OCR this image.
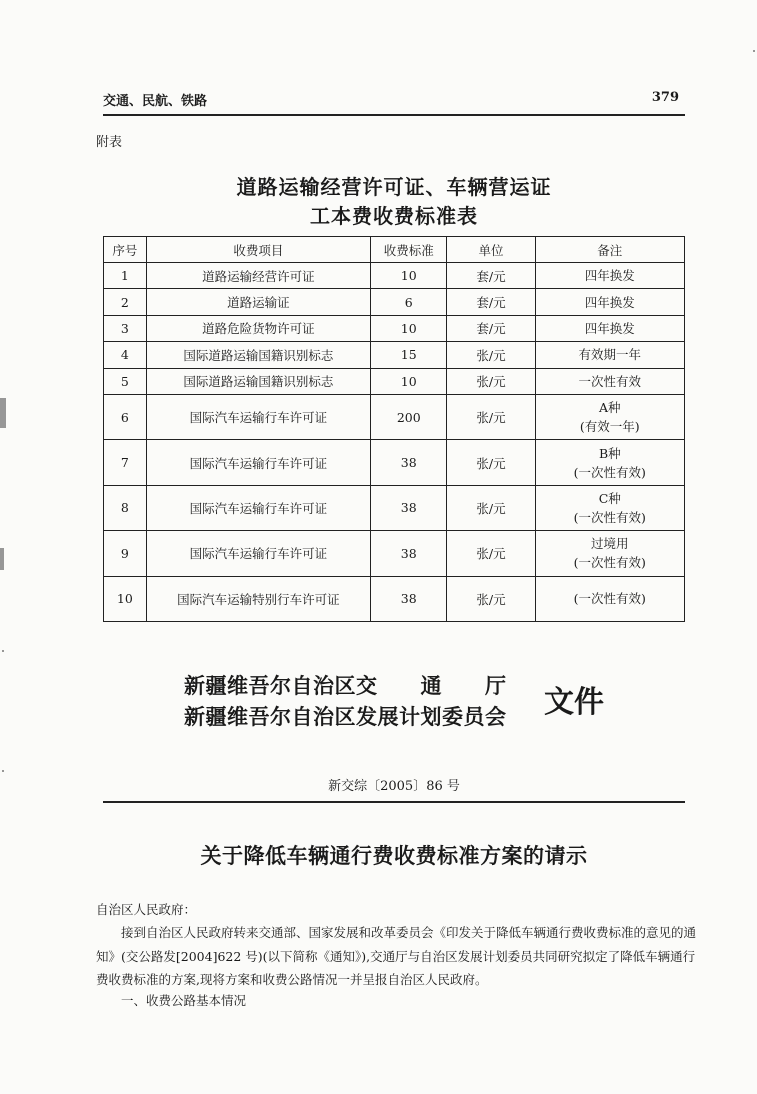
交通、民航、铁路	379
附表
道路运输经营许可证、车辆营运证
工本费收费标准表
序号	收费项目	收费标准	单位	备注
1	道路运输经营许可证	10	套/元	四年换发

2	道路运输证	6	套/元	四年换发

3	道路危险货物许可证	10	套/元	四年换发

4	国际道路运输国籍识别标志	15	张/元	有效期一年

5	国际道路运输国籍识别标志	10	张/元	一次性有效

6	国际汽车运输行车许可证	200	张/元	A种
(有效一年)

7	国际汽车运输行车许可证	38	张/元	B种
(一次性有效)

8	国际汽车运输行车许可证	38	张/元	C种
(一次性有效)

9	国际汽车运输行车许可证	38	张/元	过境用
(一次性有效)

10	国际汽车运输特别行车许可证	38	张/元	(一次性有效)
新疆维吾尔自治区交　　通　　厅
新疆维吾尔自治区发展计划委员会 文件
新交综〔2005〕86 号
关于降低车辆通行费收费标准方案的请示
自治区人民政府：
接到自治区人民政府转来交通部、国家发展和改革委员会《印发关于降低车辆通行费收费标准的意见的通知》(交公路发[2004]622 号)(以下简称《通知》),交通厅与自治区发展计划委员共同研究拟定了降低车辆通行费收费标准的方案,现将方案和收费公路情况一并呈报自治区人民政府。
一、收费公路基本情况
